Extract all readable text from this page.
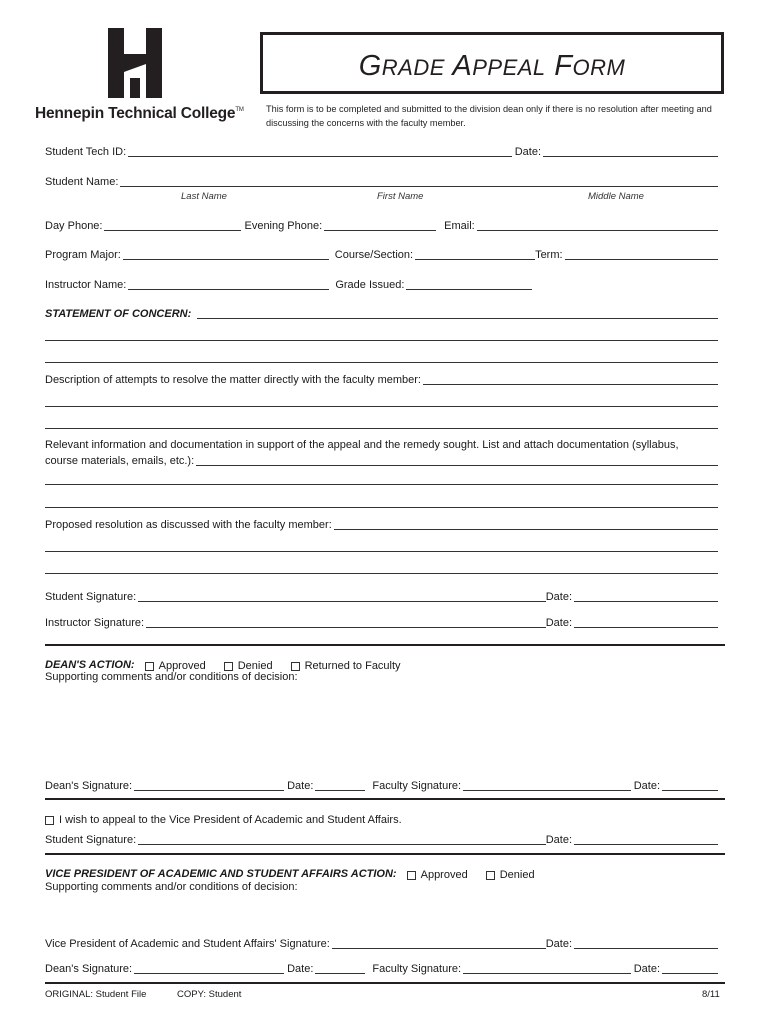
Hennepin Technical College™
GRADE APPEAL FORM
This form is to be completed and submitted to the division dean only if there is no resolution after meeting and discussing the concerns with the faculty member.
Student Tech ID:	Date:
Student Name:
Last Name	First Name	Middle Name
Day Phone:	Evening Phone:	Email:
Program Major:	Course/Section:	Term:
Instructor Name:	Grade Issued:
STATEMENT OF CONCERN:
Description of attempts to resolve the matter directly with the faculty member:
Relevant information and documentation in support of the appeal and the remedy sought. List and attach documentation (syllabus,
course materials, emails, etc.):
Proposed resolution as discussed with the faculty member:
Student Signature:	Date:
Instructor Signature:	Date:
DEAN'S ACTION:	Approved	Denied	Returned to Faculty
Supporting comments and/or conditions of decision:
Dean's Signature:	Date:	Faculty Signature:	Date:
I wish to appeal to the Vice President of Academic and Student Affairs.
Student Signature:	Date:
VICE PRESIDENT OF ACADEMIC AND STUDENT AFFAIRS ACTION:	Approved	Denied
Supporting comments and/or conditions of decision:
Vice President of Academic and Student Affairs' Signature:	Date:
Dean's Signature:	Date:	Faculty Signature:	Date:
ORIGINAL: Student File	COPY: Student	8/11
